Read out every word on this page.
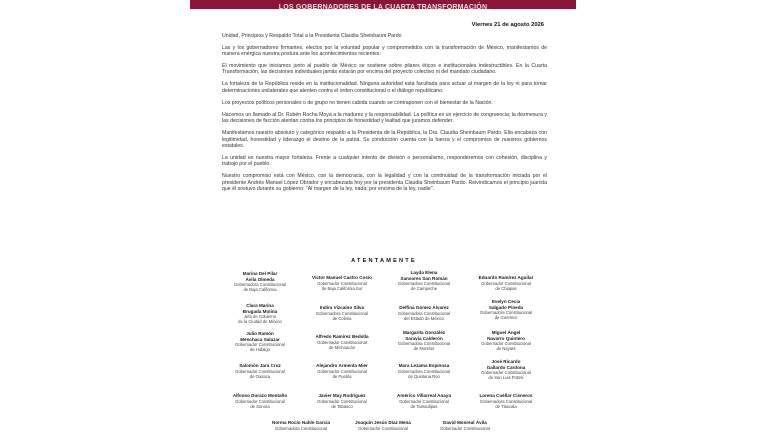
LOS GOBERNADORES DE LA CUARTA TRANSFORMACIÓN
Viernes 21 de agosto 2026

Unidad, Principios y Respaldo Total a la Presidenta Claudia Sheinbaum Pardo

Las y los gobernadores firmantes, electos por la voluntad popular y comprometidos con la transformación de México, manifestamos de manera enérgica nuestra postura ante los acontecimientos recientes:

El movimiento que iniciamos junto al pueblo de México se sostiene sobre pilares éticos e institucionales indestructibles. En la Cuarta Transformación, las decisiones individuales jamás estarán por encima del proyecto colectivo ni del mandato ciudadano.

La fortaleza de la República reside en la institucionalidad. Ninguna autoridad está facultada para actuar al margen de la ley ni para tomar determinaciones unilaterales que atenten contra el orden constitucional o el diálogo republicano.

Los proyectos políticos personales o de grupo no tienen cabida cuando se contraponen con el bienestar de la Nación.

Hacemos un llamado al Dr. Rubén Rocha Moya a la madurez y la responsabilidad. La política es un ejercicio de congruencia; la desmesura y las decisiones de facción atentan contra los principios de honestidad y lealtad que juramos defender.

Manifestamos nuestro absoluto y categórico respaldo a la Presidenta de la República, la Dra. Claudia Sheinbaum Pardo. Ella encabeza con legitimidad, honestidad y liderazgo el destino de la patria. Su conducción cuenta con la fuerza y el compromiso de nuestros gobiernos estatales.

La unidad es nuestra mayor fortaleza. Frente a cualquier intento de división o personalismo, responderemos con cohesión, disciplina y trabajo por el pueblo.

Nuestro compromiso está con México, con la democracia, con la legalidad y con la continuidad de la transformación iniciada por el presidente Andrés Manuel López Obrador y encabezada hoy por la presidenta Claudia Sheinbaum Pardo. Reivindicamos el principio juarista que él sostuvo durante su gobierno: "Al margen de la ley, nada; por encima de la ley, nadie".

ATENTAMENTE
Marina Del Pilar
Ávila Olmeda
Gobernadora Constitucional
de Baja California
Víctor Manuel Castro Cosío
Gobernador Constitucional
de Baja California Sur
Layda Elena
Sansores San Román
Gobernadora Constitucional
de Campeche
Eduardo Ramírez Aguilar
Gobernador Constitucional
de Chiapas
Clara Marina
Brugada Molina
Jefa de Gobierno
de la Ciudad de México
Indira Vizcaíno Silva
Gobernadora Constitucional
de Colima
Delfina Gómez Álvarez
Gobernadora Constitucional
del Estado de México
Evelyn Cecia
Salgado Pineda
Gobernadora Constitucional
de Guerrero
Julio Ramón
Menchaca Salazar
Gobernador Constitucional
de Hidalgo
Alfredo Ramírez Bedolla
Gobernador Constitucional
de Michoacán
Margarita González
Saravia Calderón
Gobernadora Constitucional
de Morelos
Miguel Ángel
Navarro Quintero
Gobernador Constitucional
de Nayarit
Salomón Jara Cruz
Gobernador Constitucional
de Oaxaca
Alejandro Armenta Mier
Gobernador Constitucional
de Puebla
Mara Lezama Espinosa
Gobernadora Constitucional
de Quintana Roo
José Ricardo
Gallardo Cardona
Gobernador Constitucional
de San Luis Potosí
Alfonso Durazo Montaño
Gobernador Constitucional
de Sonora
Javier May Rodríguez
Gobernador Constitucional
de Tabasco
Américo Villarreal Anaya
Gobernador Constitucional
de Tamaulipas
Lorena Cuéllar Cisneros
Gobernadora Constitucional
de Tlaxcala
Norma Rocío Nahle García
Gobernadora Constitucional
Joaquín Jesús Díaz Mena
Gobernador Constitucional
David Monreal Ávila
Gobernador Constitucional
